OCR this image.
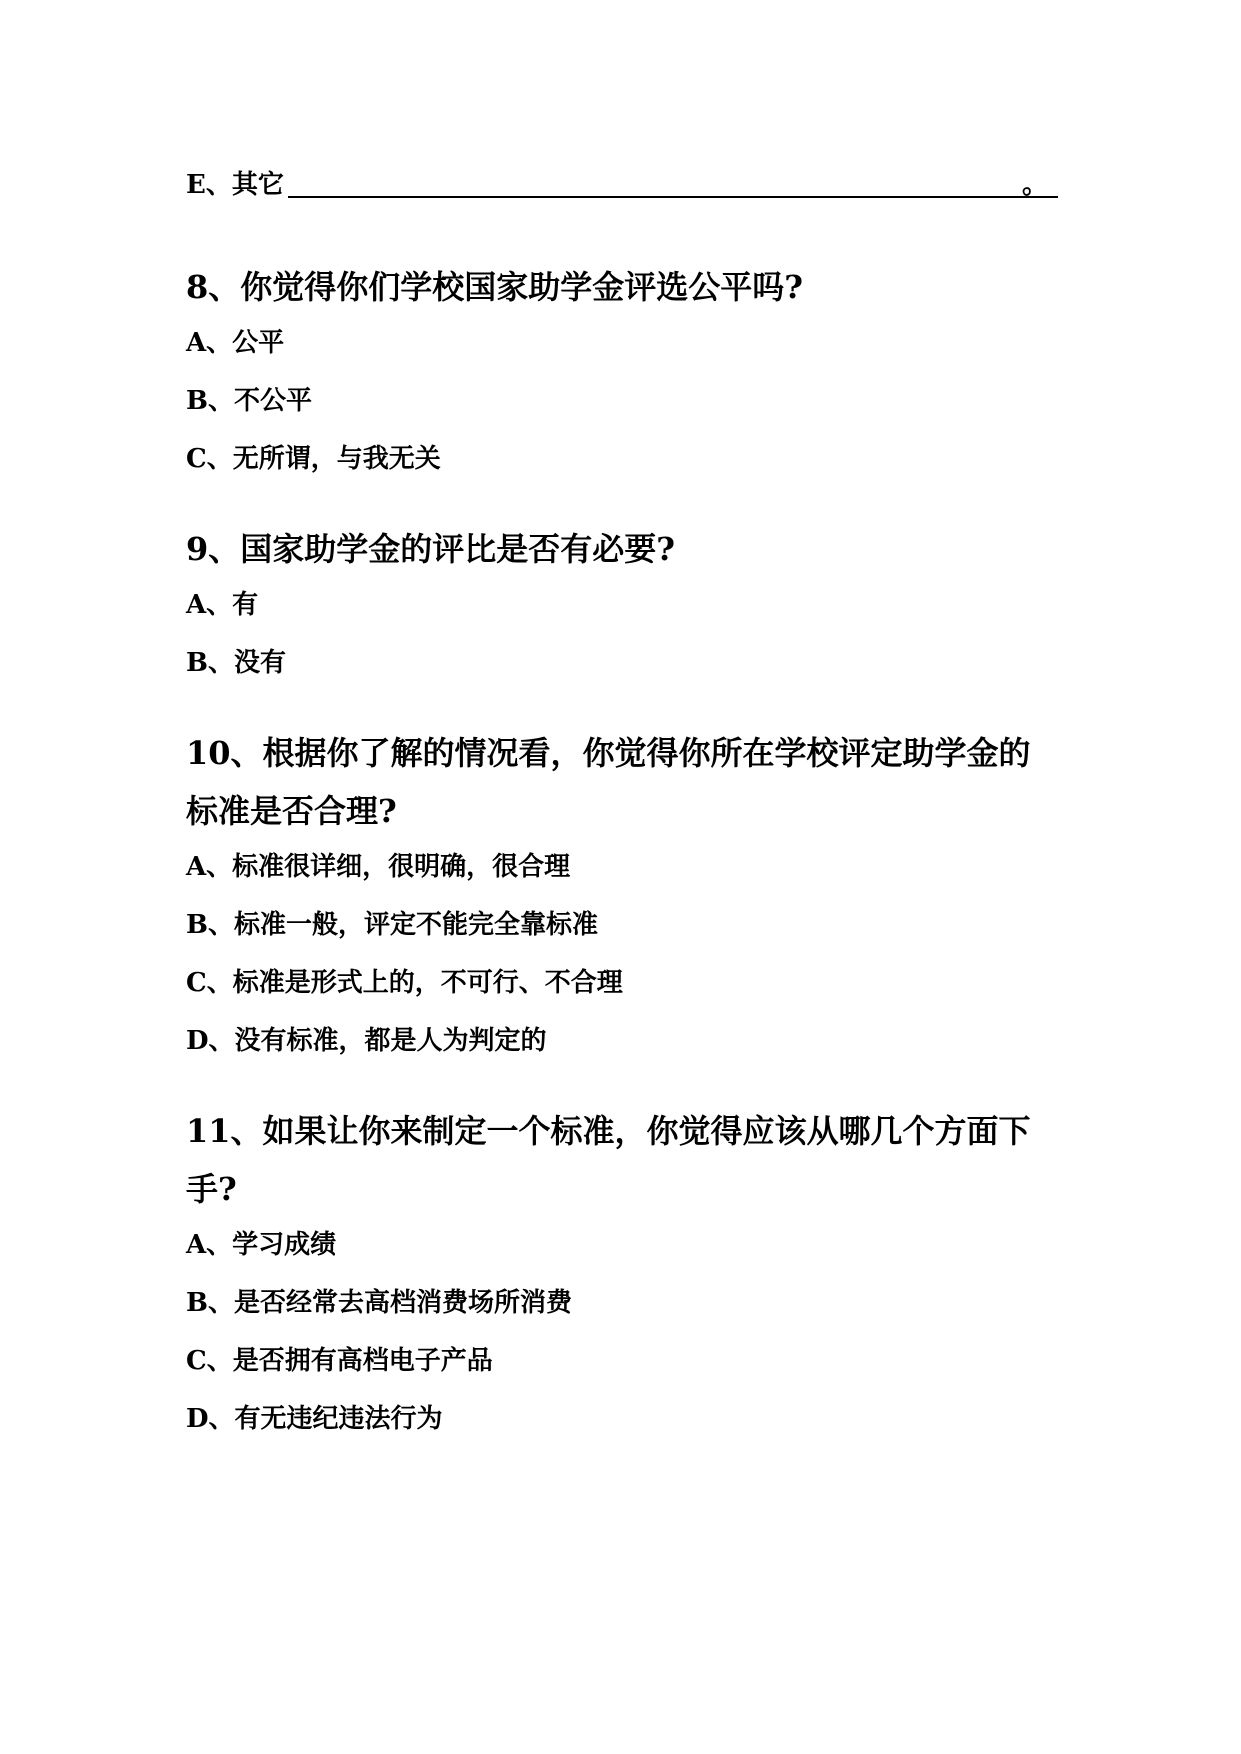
E、其它	。
8、你觉得你们学校国家助学金评选公平吗?
A、公平
B、不公平
C、无所谓，与我无关
9、国家助学金的评比是否有必要?
A、有
B、没有
10、根据你了解的情况看，你觉得你所在学校评定助学金的
标准是否合理?
A、标准很详细，很明确，很合理
B、标准一般，评定不能完全靠标准
C、标准是形式上的，不可行、不合理
D、没有标准，都是人为判定的
11、如果让你来制定一个标准，你觉得应该从哪几个方面下
手?
A、学习成绩
B、是否经常去高档消费场所消费
C、是否拥有高档电子产品
D、有无违纪违法行为
